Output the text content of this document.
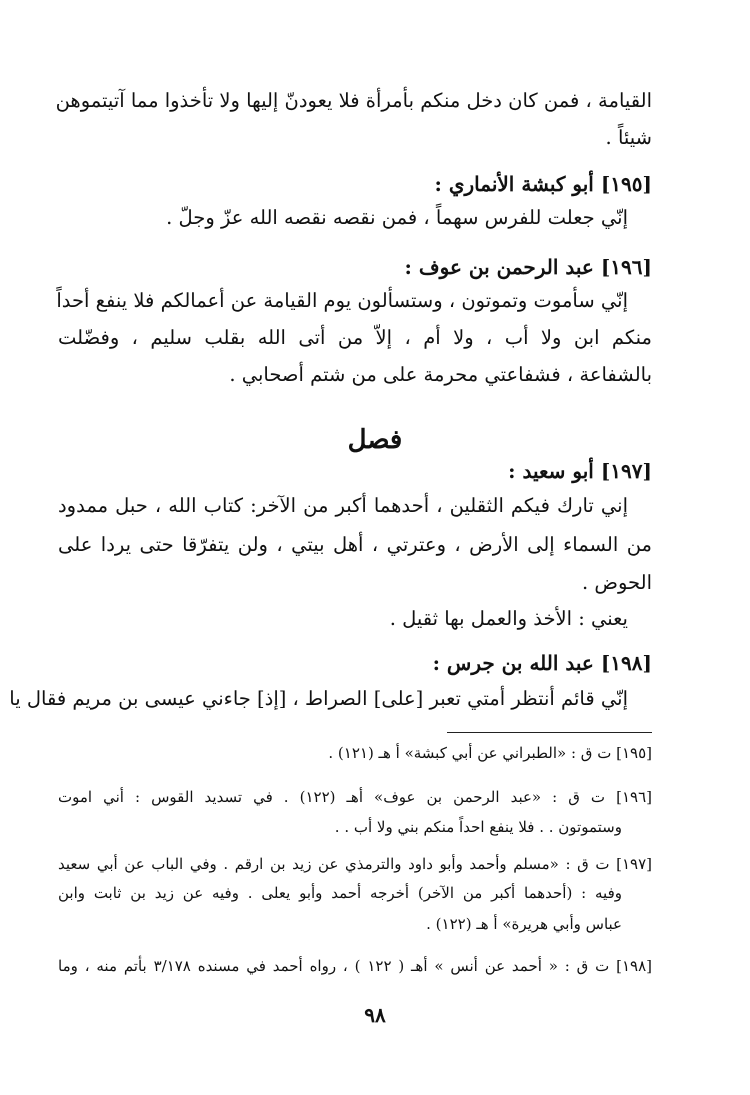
القيامة ، فمن كان دخل منكم بأمرأة فلا يعودنّ إليها ولا تأخذوا مما آتيتموهن
شيئاً .
[١٩٥] أبو كبشة الأنماري :
إنّي جعلت للفرس سهماً ، فمن نقصه نقصه الله عزّ وجلّ .
[١٩٦] عبد الرحمن بن عوف :
إنّي سأموت وتموتون ، وستسألون يوم القيامة عن أعمالكم فلا ينفع أحداً
منكم ابن ولا أب ، ولا أم ، إلاّ من أتى الله بقلب سليم ، وفضّلت
بالشفاعة ، فشفاعتي محرمة على من شتم أصحابي .
فصل
[١٩٧] أبو سعيد :
إني تارك فيكم الثقلين ، أحدهما أكبر من الآخر: كتاب الله ، حبل ممدود
من السماء إلى الأرض ، وعترتي ، أهل بيتي ، ولن يتفرّقا حتى يردا على
الحوض .
يعني : الأخذ والعمل بها ثقيل .
[١٩٨] عبد الله بن جرس :
إنّي قائم أنتظر أمتي تعبر [على] الصراط ، [إذ] جاءني عيسى بن مريم فقال يا
[١٩٥] ت ق : «الطبراني عن أبي كبشة» أ هـ (١٢١) .
[١٩٦] ت ق : «عبد الرحمن بن عوف» أهـ (١٢٢) . في تسديد القوس : أني اموت
وستموتون . . فلا ينفع احداً منكم بني ولا أب . .
[١٩٧] ت ق : «مسلم وأحمد وأبو داود والترمذي عن زيد بن ارقم . وفي الباب عن أبي سعيد
وفيه : (أحدهما أكبر من الآخر) أخرجه أحمد وأبو يعلى . وفيه عن زيد بن ثابت وابن
عباس وأبي هريرة» أ هـ (١٢٢) .
[١٩٨] ت ق : « أحمد عن أنس » أهـ ( ١٢٢ ) ، رواه أحمد في مسنده ٣/١٧٨ بأتم منه ، وما
٩٨
